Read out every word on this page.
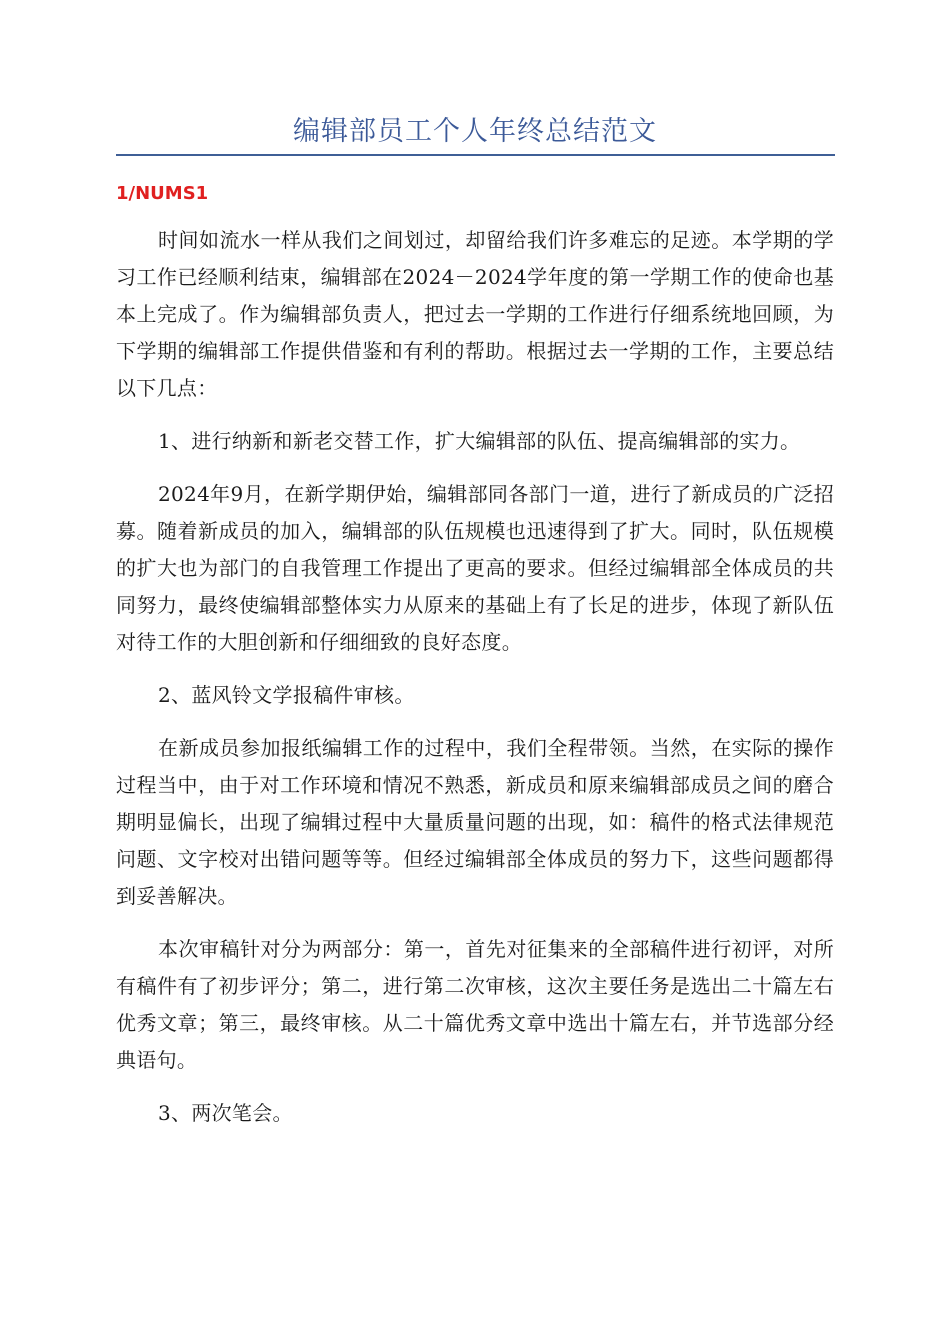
编辑部员工个人年终总结范文
1/NUMS1

时间如流水一样从我们之间划过，却留给我们许多难忘的足迹。本学期的学习工作已经顺利结束，编辑部在2024－2024学年度的第一学期工作的使命也基本上完成了。作为编辑部负责人，把过去一学期的工作进行仔细系统地回顾，为下学期的编辑部工作提供借鉴和有利的帮助。根据过去一学期的工作，主要总结以下几点：

1、进行纳新和新老交替工作，扩大编辑部的队伍、提高编辑部的实力。

2024年9月，在新学期伊始，编辑部同各部门一道，进行了新成员的广泛招募。随着新成员的加入，编辑部的队伍规模也迅速得到了扩大。同时，队伍规模的扩大也为部门的自我管理工作提出了更高的要求。但经过编辑部全体成员的共同努力，最终使编辑部整体实力从原来的基础上有了长足的进步，体现了新队伍对待工作的大胆创新和仔细细致的良好态度。

2、蓝风铃文学报稿件审核。

在新成员参加报纸编辑工作的过程中，我们全程带领。当然，在实际的操作过程当中，由于对工作环境和情况不熟悉，新成员和原来编辑部成员之间的磨合期明显偏长，出现了编辑过程中大量质量问题的出现，如：稿件的格式法律规范问题、文字校对出错问题等等。但经过编辑部全体成员的努力下，这些问题都得到妥善解决。

本次审稿针对分为两部分：第一，首先对征集来的全部稿件进行初评，对所有稿件有了初步评分；第二，进行第二次审核，这次主要任务是选出二十篇左右优秀文章；第三，最终审核。从二十篇优秀文章中选出十篇左右，并节选部分经典语句。

3、两次笔会。
